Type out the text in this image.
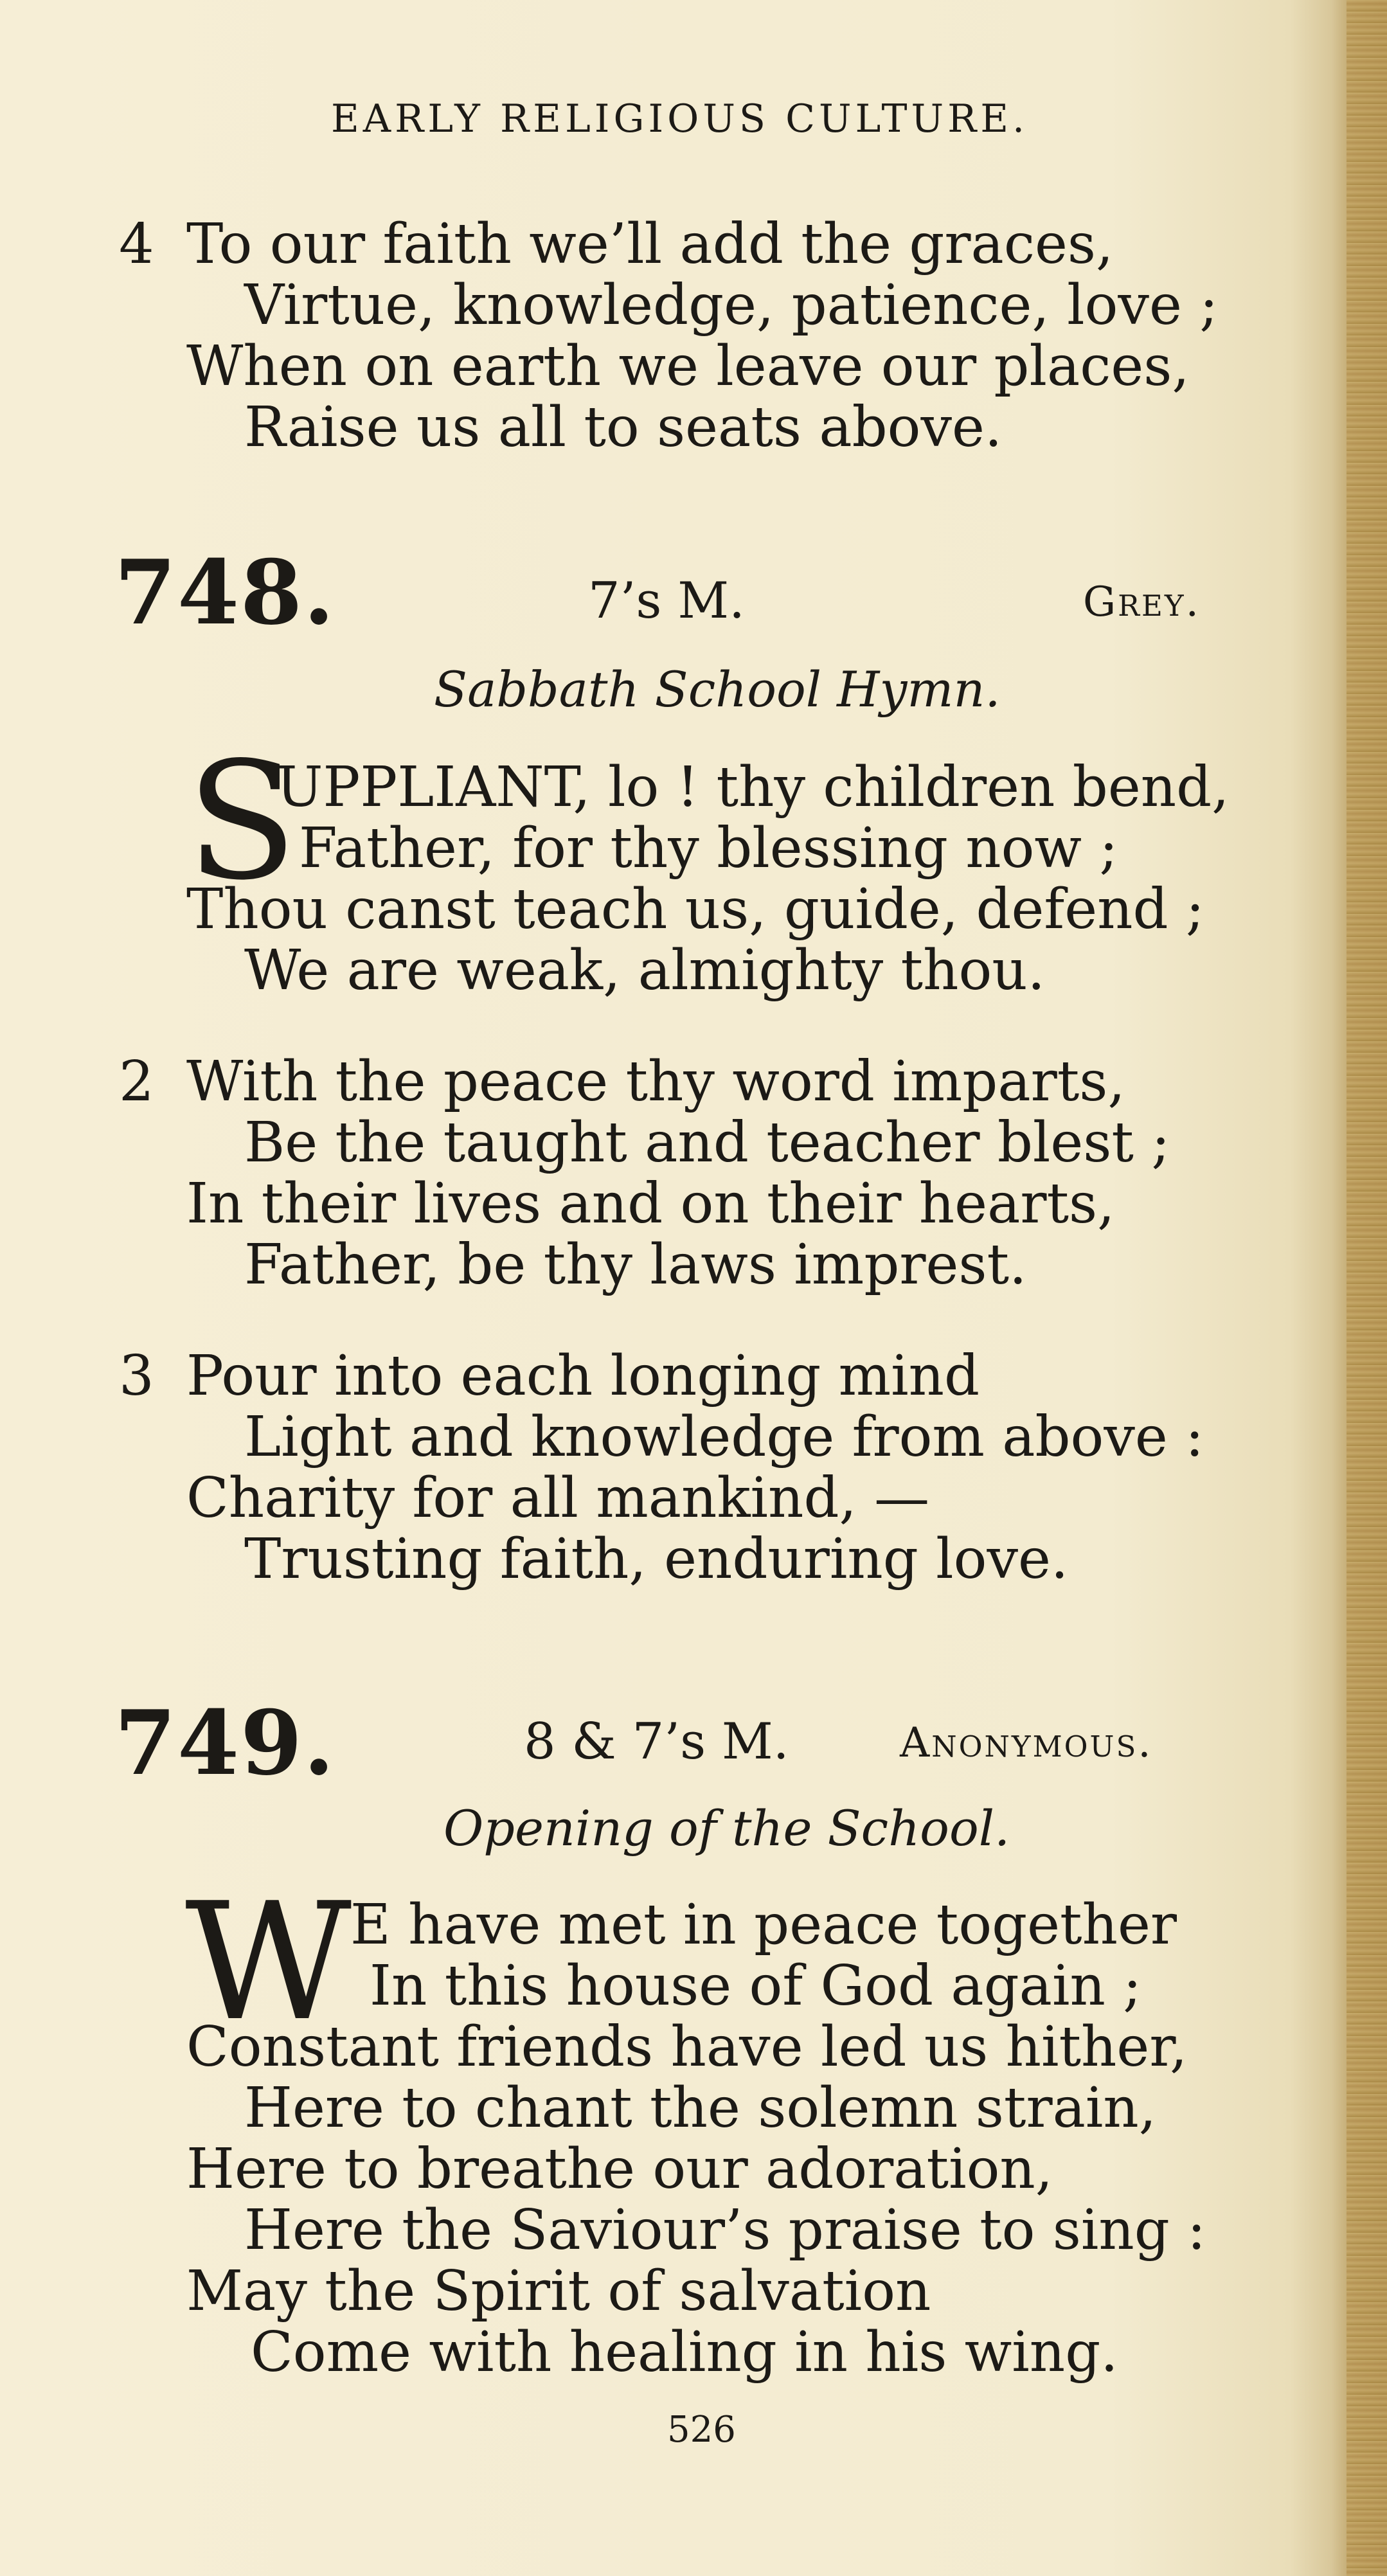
EARLY RELIGIOUS CULTURE.
4 To our faith we’ll add the graces,
Virtue, knowledge, patience, love ;
When on earth we leave our places,
Raise us all to seats above.
748.	7’s M.	Grey.
Sabbath School Hymn.
S
UPPLIANT, lo ! thy children bend,
Father, for thy blessing now ;
Thou canst teach us, guide, defend ;
We are weak, almighty thou.
2 With the peace thy word imparts,
Be the taught and teacher blest ;
In their lives and on their hearts,
Father, be thy laws imprest.
3 Pour into each longing mind
Light and knowledge from above :
Charity for all mankind, —
Trusting faith, enduring love.
749.	8 & 7’s M.	Anonymous.
Opening of the School.
W
E have met in peace together
In this house of God again ;
Constant friends have led us hither,
Here to chant the solemn strain,
Here to breathe our adoration,
Here the Saviour’s praise to sing :
May the Spirit of salvation
Come with healing in his wing.
526
